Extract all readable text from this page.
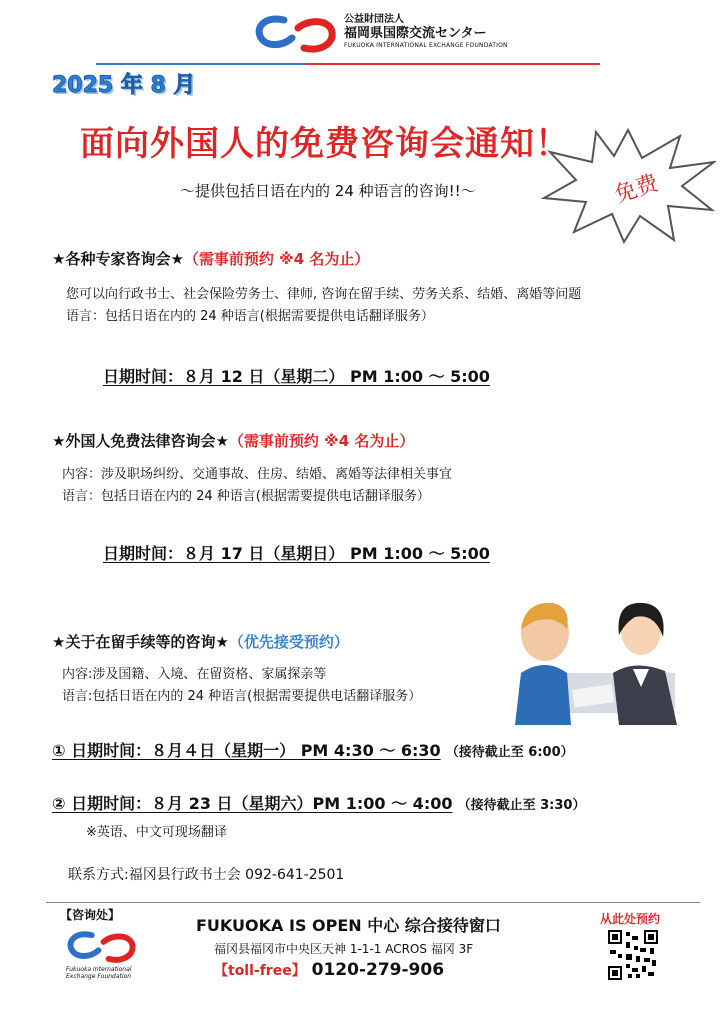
公益財団法人
福岡県国際交流センター
FUKUOKA INTERNATIONAL EXCHANGE FOUNDATION
2025 年 8 月
面向外国人的免费咨询会通知！
～提供包括日语在内的 24 种语言的咨询!!～	免费
★各种专家咨询会★（需事前预约 ※4 名为止）
您可以向行政书士、社会保险劳务士、律师, 咨询在留手续、劳务关系、结婚、离婚等问题
语言：包括日语在内的 24 种语言(根据需要提供电话翻译服务）
日期时间：８月 12 日（星期二） PM 1:00 ～ 5:00
★外国人免费法律咨询会★（需事前预约 ※4 名为止）
内容：涉及职场纠纷、交通事故、住房、结婚、离婚等法律相关事宜
语言：包括日语在内的 24 种语言(根据需要提供电话翻译服务）
日期时间：８月 17 日（星期日） PM 1:00 ～ 5:00
★关于在留手续等的咨询★（优先接受预约）
内容:涉及国籍、入境、在留资格、家属探亲等
语言:包括日语在内的 24 种语言(根据需要提供电话翻译服务）
① 日期时间：８月４日（星期一） PM 4:30 ～ 6:30 （接待截止至 6:00）
② 日期时间：８月 23 日（星期六）PM 1:00 ～ 4:00 （接待截止至 3:30）
※英语、中文可现场翻译
联系方式:福冈县行政书士会 092-641-2501
【咨询处】
Fukuoka International
Exchange Foundation
FUKUOKA IS OPEN 中心 综合接待窗口
福冈县福冈市中央区天神 1-1-1 ACROS 福冈 3F
【toll-free】 0120-279-906
从此处预约
